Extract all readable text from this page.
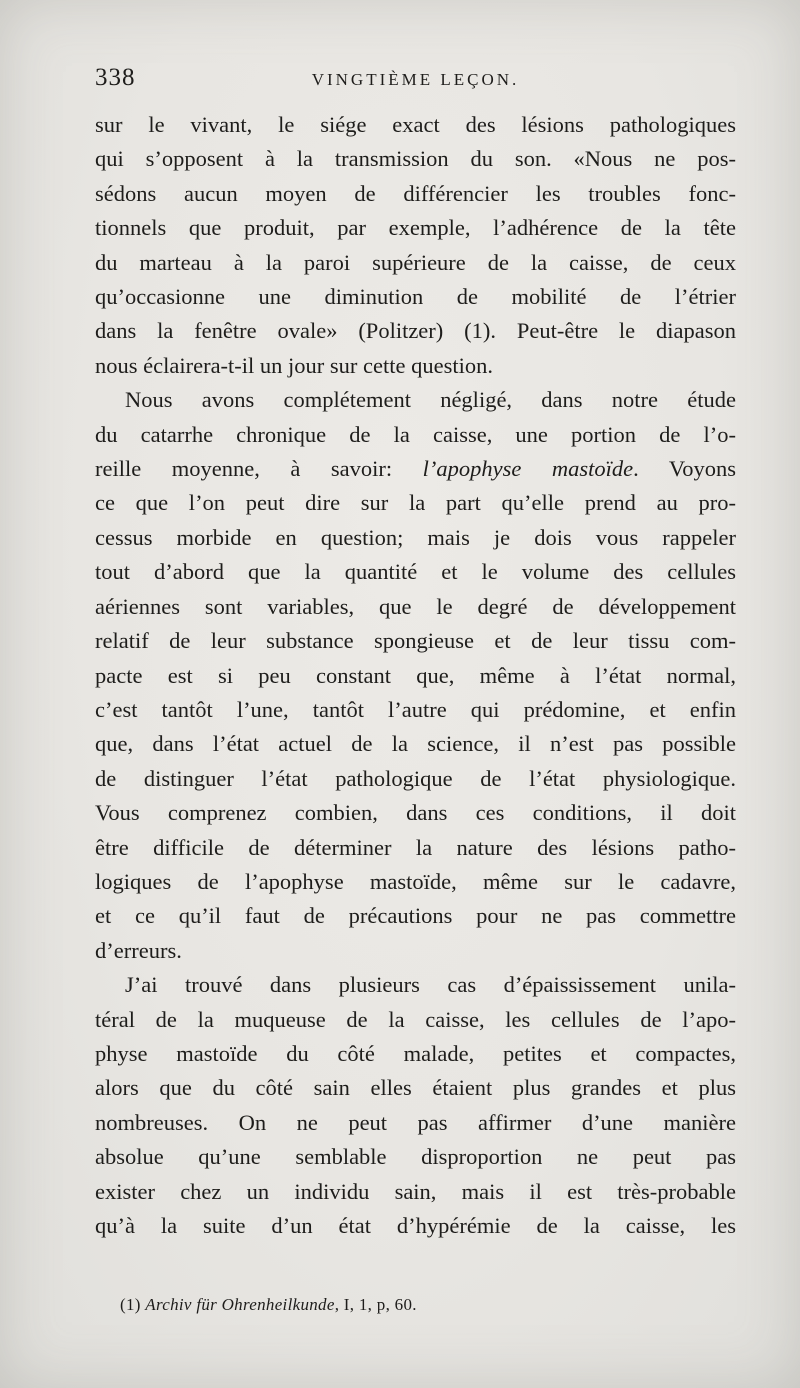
338	VINGTIÈME LEÇON.
sur le vivant, le siége exact des lésions pathologiques
qui s’opposent à la transmission du son. «Nous ne pos-
sédons aucun moyen de différencier les troubles fonc-
tionnels que produit, par exemple, l’adhérence de la tête
du marteau à la paroi supérieure de la caisse, de ceux
qu’occasionne une diminution de mobilité de l’étrier
dans la fenêtre ovale» (Politzer) (1). Peut-être le diapason
nous éclairera-t-il un jour sur cette question.
Nous avons complétement négligé, dans notre étude
du catarrhe chronique de la caisse, une portion de l’o-
reille moyenne, à savoir: l’apophyse mastoïde. Voyons
ce que l’on peut dire sur la part qu’elle prend au pro-
cessus morbide en question; mais je dois vous rappeler
tout d’abord que la quantité et le volume des cellules
aériennes sont variables, que le degré de développement
relatif de leur substance spongieuse et de leur tissu com-
pacte est si peu constant que, même à l’état normal,
c’est tantôt l’une, tantôt l’autre qui prédomine, et enfin
que, dans l’état actuel de la science, il n’est pas possible
de distinguer l’état pathologique de l’état physiologique.
Vous comprenez combien, dans ces conditions, il doit
être difficile de déterminer la nature des lésions patho-
logiques de l’apophyse mastoïde, même sur le cadavre,
et ce qu’il faut de précautions pour ne pas commettre
d’erreurs.
J’ai trouvé dans plusieurs cas d’épaississement unila-
téral de la muqueuse de la caisse, les cellules de l’apo-
physe mastoïde du côté malade, petites et compactes,
alors que du côté sain elles étaient plus grandes et plus
nombreuses. On ne peut pas affirmer d’une manière
absolue qu’une semblable disproportion ne peut pas
exister chez un individu sain, mais il est très-probable
qu’à la suite d’un état d’hypérémie de la caisse, les
(1) Archiv für Ohrenheilkunde, I, 1, p, 60.
